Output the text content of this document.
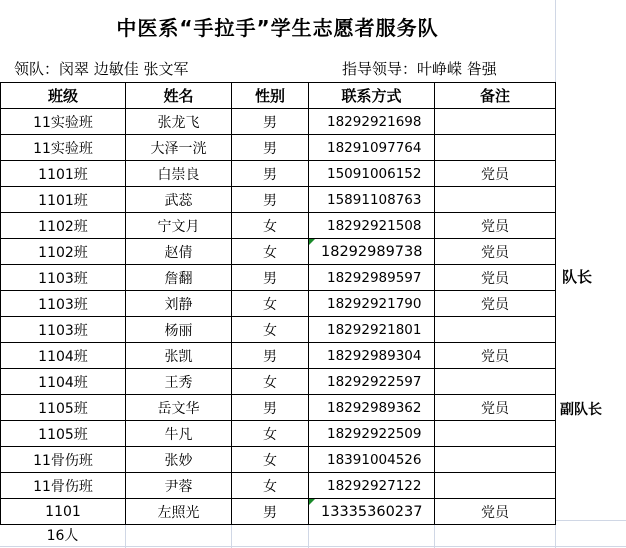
中医系“手拉手”学生志愿者服务队
领队：闵翠 边敏佳 张文军	指导领导：叶峥嵘 昝强
班级	姓名	性别	联系方式	备注
11实验班	张龙飞	男	18292921698	
11实验班	大泽一洸	男	18291097764	
1101班	白崇良	男	15091006152	党员
1101班	武蕊	男	15891108763	
1102班	宁文月	女	18292921508	党员
1102班	赵倩	女	18292989738	党员
1103班	詹翻	男	18292989597	党员
1103班	刘静	女	18292921790	党员
1103班	杨丽	女	18292921801	
1104班	张凯	男	18292989304	党员
1104班	王秀	女	18292922597	
1105班	岳文华	男	18292989362	党员
1105班	牛凡	女	18292922509	
11骨伤班	张妙	女	18391004526	
11骨伤班	尹蓉	女	18292927122	
1101	左照光	男	13335360237	党员
队长
副队长
16人
